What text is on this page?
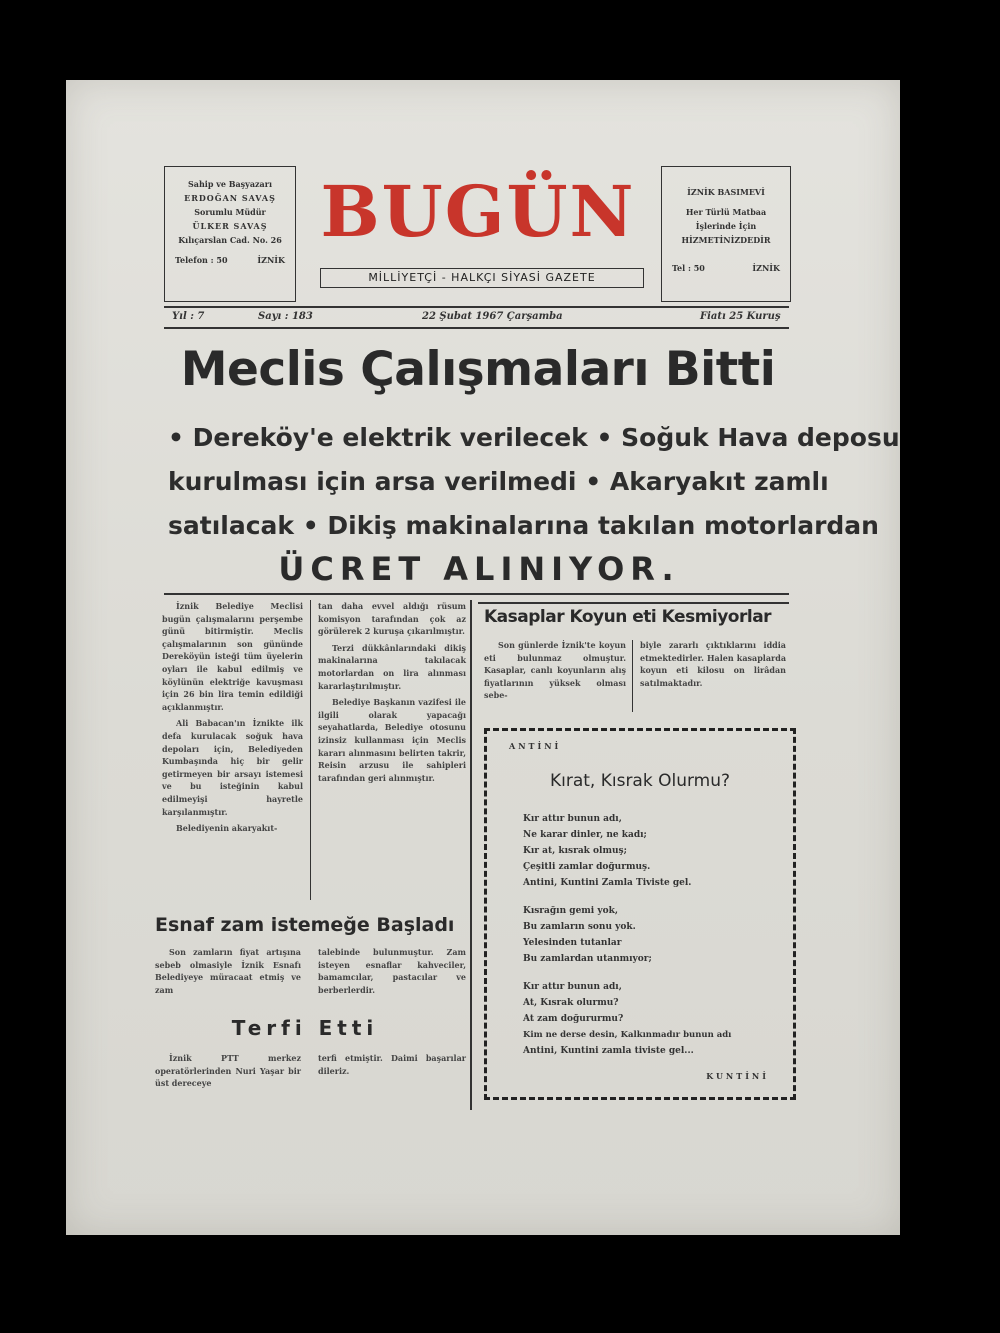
Sahip ve Başyazarı
ERDOĞAN SAVAŞ
Sorumlu Müdür
ÜLKER SAVAŞ
Kılıçarslan Cad. No. 26
Telefon : 50	İZNİK
BUGÜN
MİLLİYETÇİ - HALKÇI SİYASİ GAZETE
İZNİK BASIMEVİ
Her Türlü Matbaa
İşlerinde İçin
HİZMETİNİZDEDİR
Tel : 50	İZNİK
Yıl : 7	Sayı : 183	22 Şubat 1967 Çarşamba	Fiatı 25 Kuruş
Meclis Çalışmaları Bitti
• Dereköy'e elektrik verilecek • Soğuk Hava deposu
kurulması için arsa verilmedi • Akaryakıt zamlı
satılacak • Dikiş makinalarına takılan motorlardan
ÜCRET ALINIYOR.

İznik Belediye Meclisi bugün çalışmalarını perşembe günü bitirmiştir. Meclis çalışmalarının son gününde Dereköyün isteği tüm üyelerin oyları ile kabul edilmiş ve köylünün elektriğe kavuşması için 26 bin lira temin edildiği açıklanmıştır.

Ali Babacan'ın İznikte ilk defa kurulacak soğuk hava depoları için, Belediyeden Kumbaşında hiç bir gelir getirmeyen bir arsayı istemesi ve bu isteğinin kabul edilmeyişi hayretle karşılanmıştır.

Belediyenin akaryakıt-

tan daha evvel aldığı rüsum komisyon tarafından çok az görülerek 2 kuruşa çıkarılmıştır.

Terzi dükkânlarındaki dikiş makinalarına takılacak motorlardan on lira alınması kararlaştırılmıştır.

Belediye Başkanın vazifesi ile ilgili olarak yapacağı seyahatlarda, Belediye otosunu izinsiz kullanması için Meclis kararı alınmasını belirten takrir, Reisin arzusu ile sahipleri tarafından geri alınmıştır.

Esnaf zam istemeğe Başladı

Son zamların fiyat artışına sebeb olmasiyle İznik Esnafı Belediyeye müracaat etmiş ve zam

talebinde bulunmuştur. Zam isteyen esnaflar kahveciler, bamamcılar, pastacılar ve berberlerdir.

Terfi Etti

İznik PTT merkez operatörlerinden Nuri Yaşar bir üst dereceye

terfi etmiştir. Daimi başarılar dileriz.

Kasaplar Koyun eti Kesmiyorlar

Son günlerde İznik'te koyun eti bulunmaz olmuştur. Kasaplar, canlı koyunların alış fiyatlarının yüksek olması sebe-

biyle zararlı çıktıklarını iddia etmektedirler. Halen kasaplarda koyun eti kilosu on lirâdan satılmaktadır.

ANTİNİ
Kırat, Kısrak Olurmu?
Kır attır bunun adı,
Ne karar dinler, ne kadı;
Kır at, kısrak olmuş;
Çeşitli zamlar doğurmuş.
Antini, Kuntini Zamla Tiviste gel.
Kısrağın gemi yok,
Bu zamların sonu yok.
Yelesinden tutanlar
Bu zamlardan utanmıyor;
Kır attır bunun adı,
At, Kısrak olurmu?
At zam doğururmu?
Kim ne derse desin, Kalkınmadır bunun adı
Antini, Kuntini zamla tiviste gel...
KUNTİNİ
